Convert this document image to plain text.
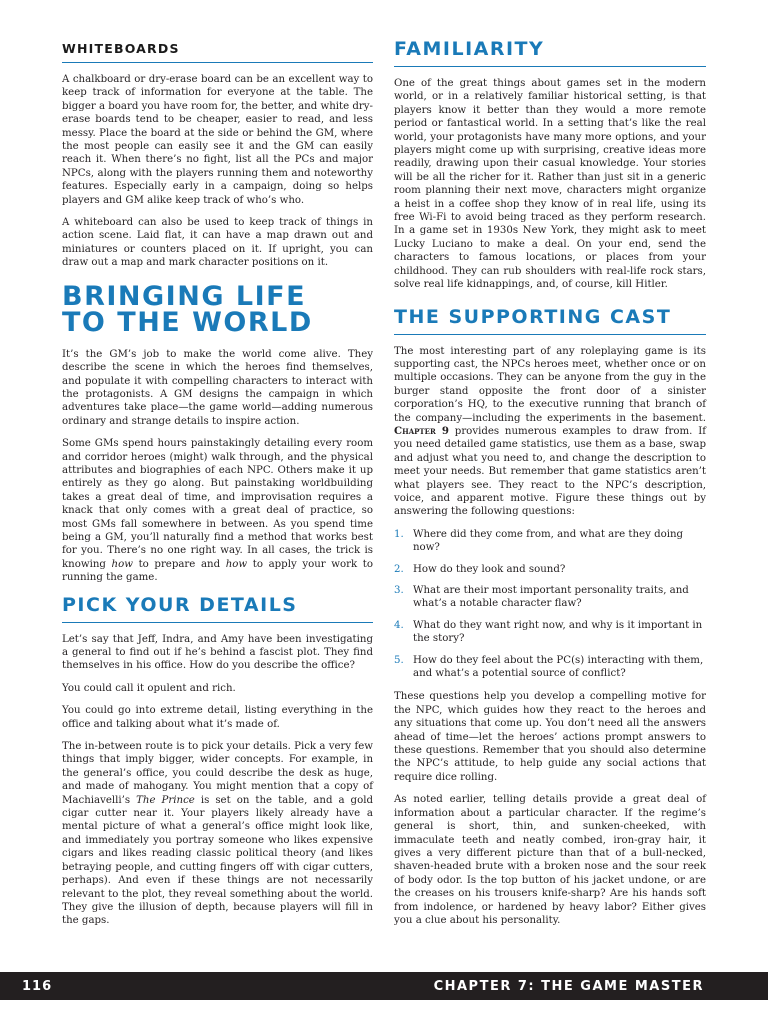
WHITEBOARDS

A chalkboard or dry-erase board can be an excellent way to keep track of information for everyone at the table. The bigger a board you have room for, the better, and white dry-erase boards tend to be cheaper, easier to read, and less messy. Place the board at the side or behind the GM, where the most people can easily see it and the GM can easily reach it. When there’s no fight, list all the PCs and major NPCs, along with the players running them and noteworthy features. Especially early in a campaign, doing so helps players and GM alike keep track of who’s who.

A whiteboard can also be used to keep track of things in action scene. Laid flat, it can have a map drawn out and miniatures or counters placed on it. If upright, you can draw out a map and mark character positions on it.

BRINGING LIFE
TO THE WORLD

It’s the GM’s job to make the world come alive. They describe the scene in which the heroes find themselves, and populate it with compelling characters to interact with the protagonists. A GM designs the campaign in which adventures take place—the game world—adding numerous ordinary and strange details to inspire action.

Some GMs spend hours painstakingly detailing every room and corridor heroes (might) walk through, and the physical attributes and biographies of each NPC. Others make it up entirely as they go along. But painstaking worldbuilding takes a great deal of time, and improvisation requires a knack that only comes with a great deal of practice, so most GMs fall somewhere in between. As you spend time being a GM, you’ll naturally find a method that works best for you. There’s no one right way. In all cases, the trick is knowing how to prepare and how to apply your work to running the game.

PICK YOUR DETAILS

Let’s say that Jeff, Indra, and Amy have been investigating a general to find out if he’s behind a fascist plot. They find themselves in his office. How do you describe the office?

You could call it opulent and rich.

You could go into extreme detail, listing everything in the office and talking about what it’s made of.

The in-between route is to pick your details. Pick a very few things that imply bigger, wider concepts. For example, in the general’s office, you could describe the desk as huge, and made of mahogany. You might mention that a copy of Machiavelli’s The Prince is set on the table, and a gold cigar cutter near it. Your players likely already have a mental picture of what a general’s office might look like, and immediately you portray someone who likes expensive cigars and likes reading classic political theory (and likes betraying people, and cutting fingers off with cigar cutters, perhaps). And even if these things are not necessarily relevant to the plot, they reveal something about the world. They give the illusion of depth, because players will fill in the gaps.

FAMILIARITY

One of the great things about games set in the modern world, or in a relatively familiar historical setting, is that players know it better than they would a more remote period or fantastical world. In a setting that’s like the real world, your protagonists have many more options, and your players might come up with surprising, creative ideas more readily, drawing upon their casual knowledge. Your stories will be all the richer for it. Rather than just sit in a generic room planning their next move, characters might organize a heist in a coffee shop they know of in real life, using its free Wi-Fi to avoid being traced as they perform research. In a game set in 1930s New York, they might ask to meet Lucky Luciano to make a deal. On your end, send the characters to famous locations, or places from your childhood. They can rub shoulders with real-life rock stars, solve real life kidnappings, and, of course, kill Hitler.

THE SUPPORTING CAST

The most interesting part of any roleplaying game is its supporting cast, the NPCs heroes meet, whether once or on multiple occasions. They can be anyone from the guy in the burger stand opposite the front door of a sinister corporation’s HQ, to the executive running that branch of the company—including the experiments in the basement. Chapter 9 provides numerous examples to draw from. If you need detailed game statistics, use them as a base, swap and adjust what you need to, and change the description to meet your needs. But remember that game statistics aren’t what players see. They react to the NPC’s description, voice, and apparent motive. Figure these things out by answering the following questions:

1. Where did they come from, and what are they doing now?
2. How do they look and sound?
3. What are their most important personality traits, and what’s a notable character flaw?
4. What do they want right now, and why is it important in the story?
5. How do they feel about the PC(s) interacting with them, and what’s a potential source of conflict?

These questions help you develop a compelling motive for the NPC, which guides how they react to the heroes and any situations that come up. You don’t need all the answers ahead of time—let the heroes’ actions prompt answers to these questions. Remember that you should also determine the NPC’s attitude, to help guide any social actions that require dice rolling.

As noted earlier, telling details provide a great deal of information about a particular character. If the regime’s general is short, thin, and sunken-cheeked, with immaculate teeth and neatly combed, iron-gray hair, it gives a very different picture than that of a bull-necked, shaven-headed brute with a broken nose and the sour reek of body odor. Is the top button of his jacket undone, or are the creases on his trousers knife-sharp? Are his hands soft from indolence, or hardened by heavy labor? Either gives you a clue about his personality.

116	CHAPTER 7: THE GAME MASTER
